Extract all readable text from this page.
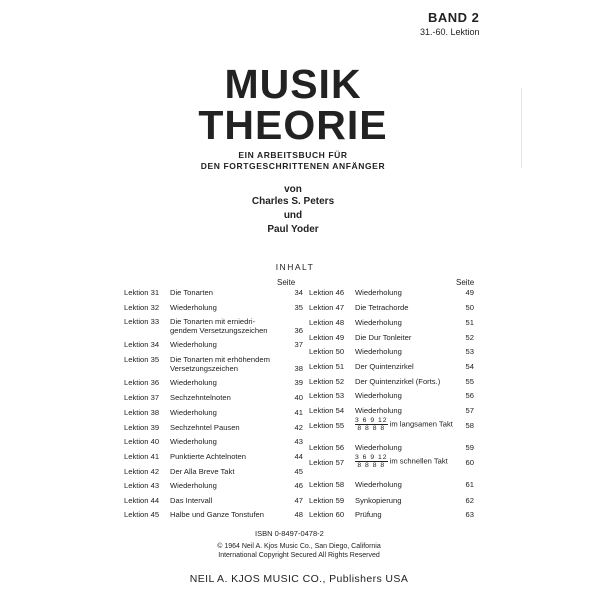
BAND 2
31.-60. Lektion
MUSIK
THEORIE
EIN ARBEITSBUCH FÜR
DEN FORTGESCHRITTENEN ANFÄNGER
von
Charles S. Peters
und
Paul Yoder
INHALT
Seite	Seite
Lektion 31 Die Tonarten	34
Lektion 32 Wiederholung	35
Lektion 33 Die Tonarten mit erniedri-
gendem Versetzungszeichen	36
Lektion 34 Wiederholung	37
Lektion 35 Die Tonarten mit erhöhendem
Versetzungszeichen	38
Lektion 36 Wiederholung	39
Lektion 37 Sechzehntelnoten	40
Lektion 38 Wiederholung	41
Lektion 39 Sechzehntel Pausen	42
Lektion 40 Wiederholung	43
Lektion 41 Punktierte Achtelnoten	44
Lektion 42 Der Alla Breve Takt	45
Lektion 43 Wiederholung	46
Lektion 44 Das Intervall	47
Lektion 45 Halbe und Ganze Tonstufen	48
Lektion 46 Wiederholung	49
Lektion 47 Die Tetrachorde	50
Lektion 48 Wiederholung	51
Lektion 49 Die Dur Tonleiter	52
Lektion 50 Wiederholung	53
Lektion 51 Der Quintenzirkel	54
Lektion 52 Der Quintenzirkel (Forts.)	55
Lektion 53 Wiederholung	56
Lektion 54 Wiederholung	57
Lektion $55 \frac{3 6 9 12}{8 8 8 8}$ im langsamen Takt	58
Lektion 56 Wiederholung	59
Lektion $57 \frac{3 6 9 12}{8 8 8 8}$ im schnellen Takt	60
Lektion 58 Wiederholung	61
Lektion 59 Synkopierung	62
Lektion 60 Prüfung	63
ISBN 0-8497-0478-2
© 1964 Neil A. Kjos Music Co., San Diego, California
International Copyright Secured All Rights Reserved
NEIL A. KJOS MUSIC CO., Publishers USA
